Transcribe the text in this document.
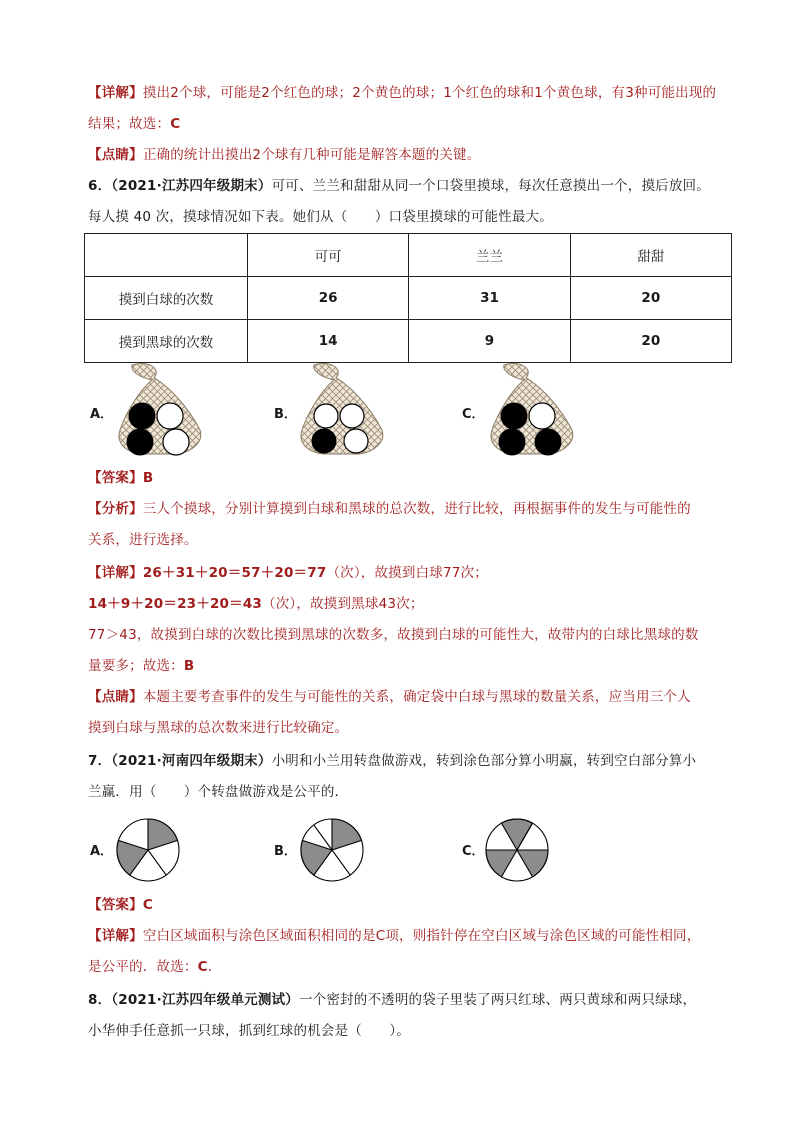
【详解】摸出2个球，可能是2个红色的球；2个黄色的球；1个红色的球和1个黄色球，有3种可能出现的结果；故选：C
【点睛】正确的统计出摸出2个球有几种可能是解答本题的关键。
6．（2021·江苏四年级期末）可可、兰兰和甜甜从同一个口袋里摸球，每次任意摸出一个，摸后放回。
每人摸 40 次，摸球情况如下表。她们从（　　）口袋里摸球的可能性最大。
	可可	兰兰	甜甜
摸到白球的次数	26	31	20
摸到黑球的次数	14	9	20
A．	B．	C．
【答案】B
【分析】三人个摸球，分别计算摸到白球和黑球的总次数，进行比较，再根据事件的发生与可能性的
关系，进行选择。
【详解】26＋31＋20＝57＋20＝77（次），故摸到白球77次；
14＋9＋20＝23＋20＝43（次），故摸到黑球43次；
77＞43，故摸到白球的次数比摸到黑球的次数多，故摸到白球的可能性大，故带内的白球比黑球的数
量要多；故选：B
【点睛】本题主要考查事件的发生与可能性的关系，确定袋中白球与黑球的数量关系，应当用三个人
摸到白球与黑球的总次数来进行比较确定。
7．（2021·河南四年级期末）小明和小兰用转盘做游戏，转到涂色部分算小明赢，转到空白部分算小
兰赢．用（　　）个转盘做游戏是公平的．
A．	B．	C．
【答案】C
【详解】空白区域面积与涂色区域面积相同的是C项，则指针停在空白区域与涂色区域的可能性相同，
是公平的．故选：C．
8．（2021·江苏四年级单元测试）一个密封的不透明的袋子里装了两只红球、两只黄球和两只绿球，
小华伸手任意抓一只球，抓到红球的机会是（　　）。
